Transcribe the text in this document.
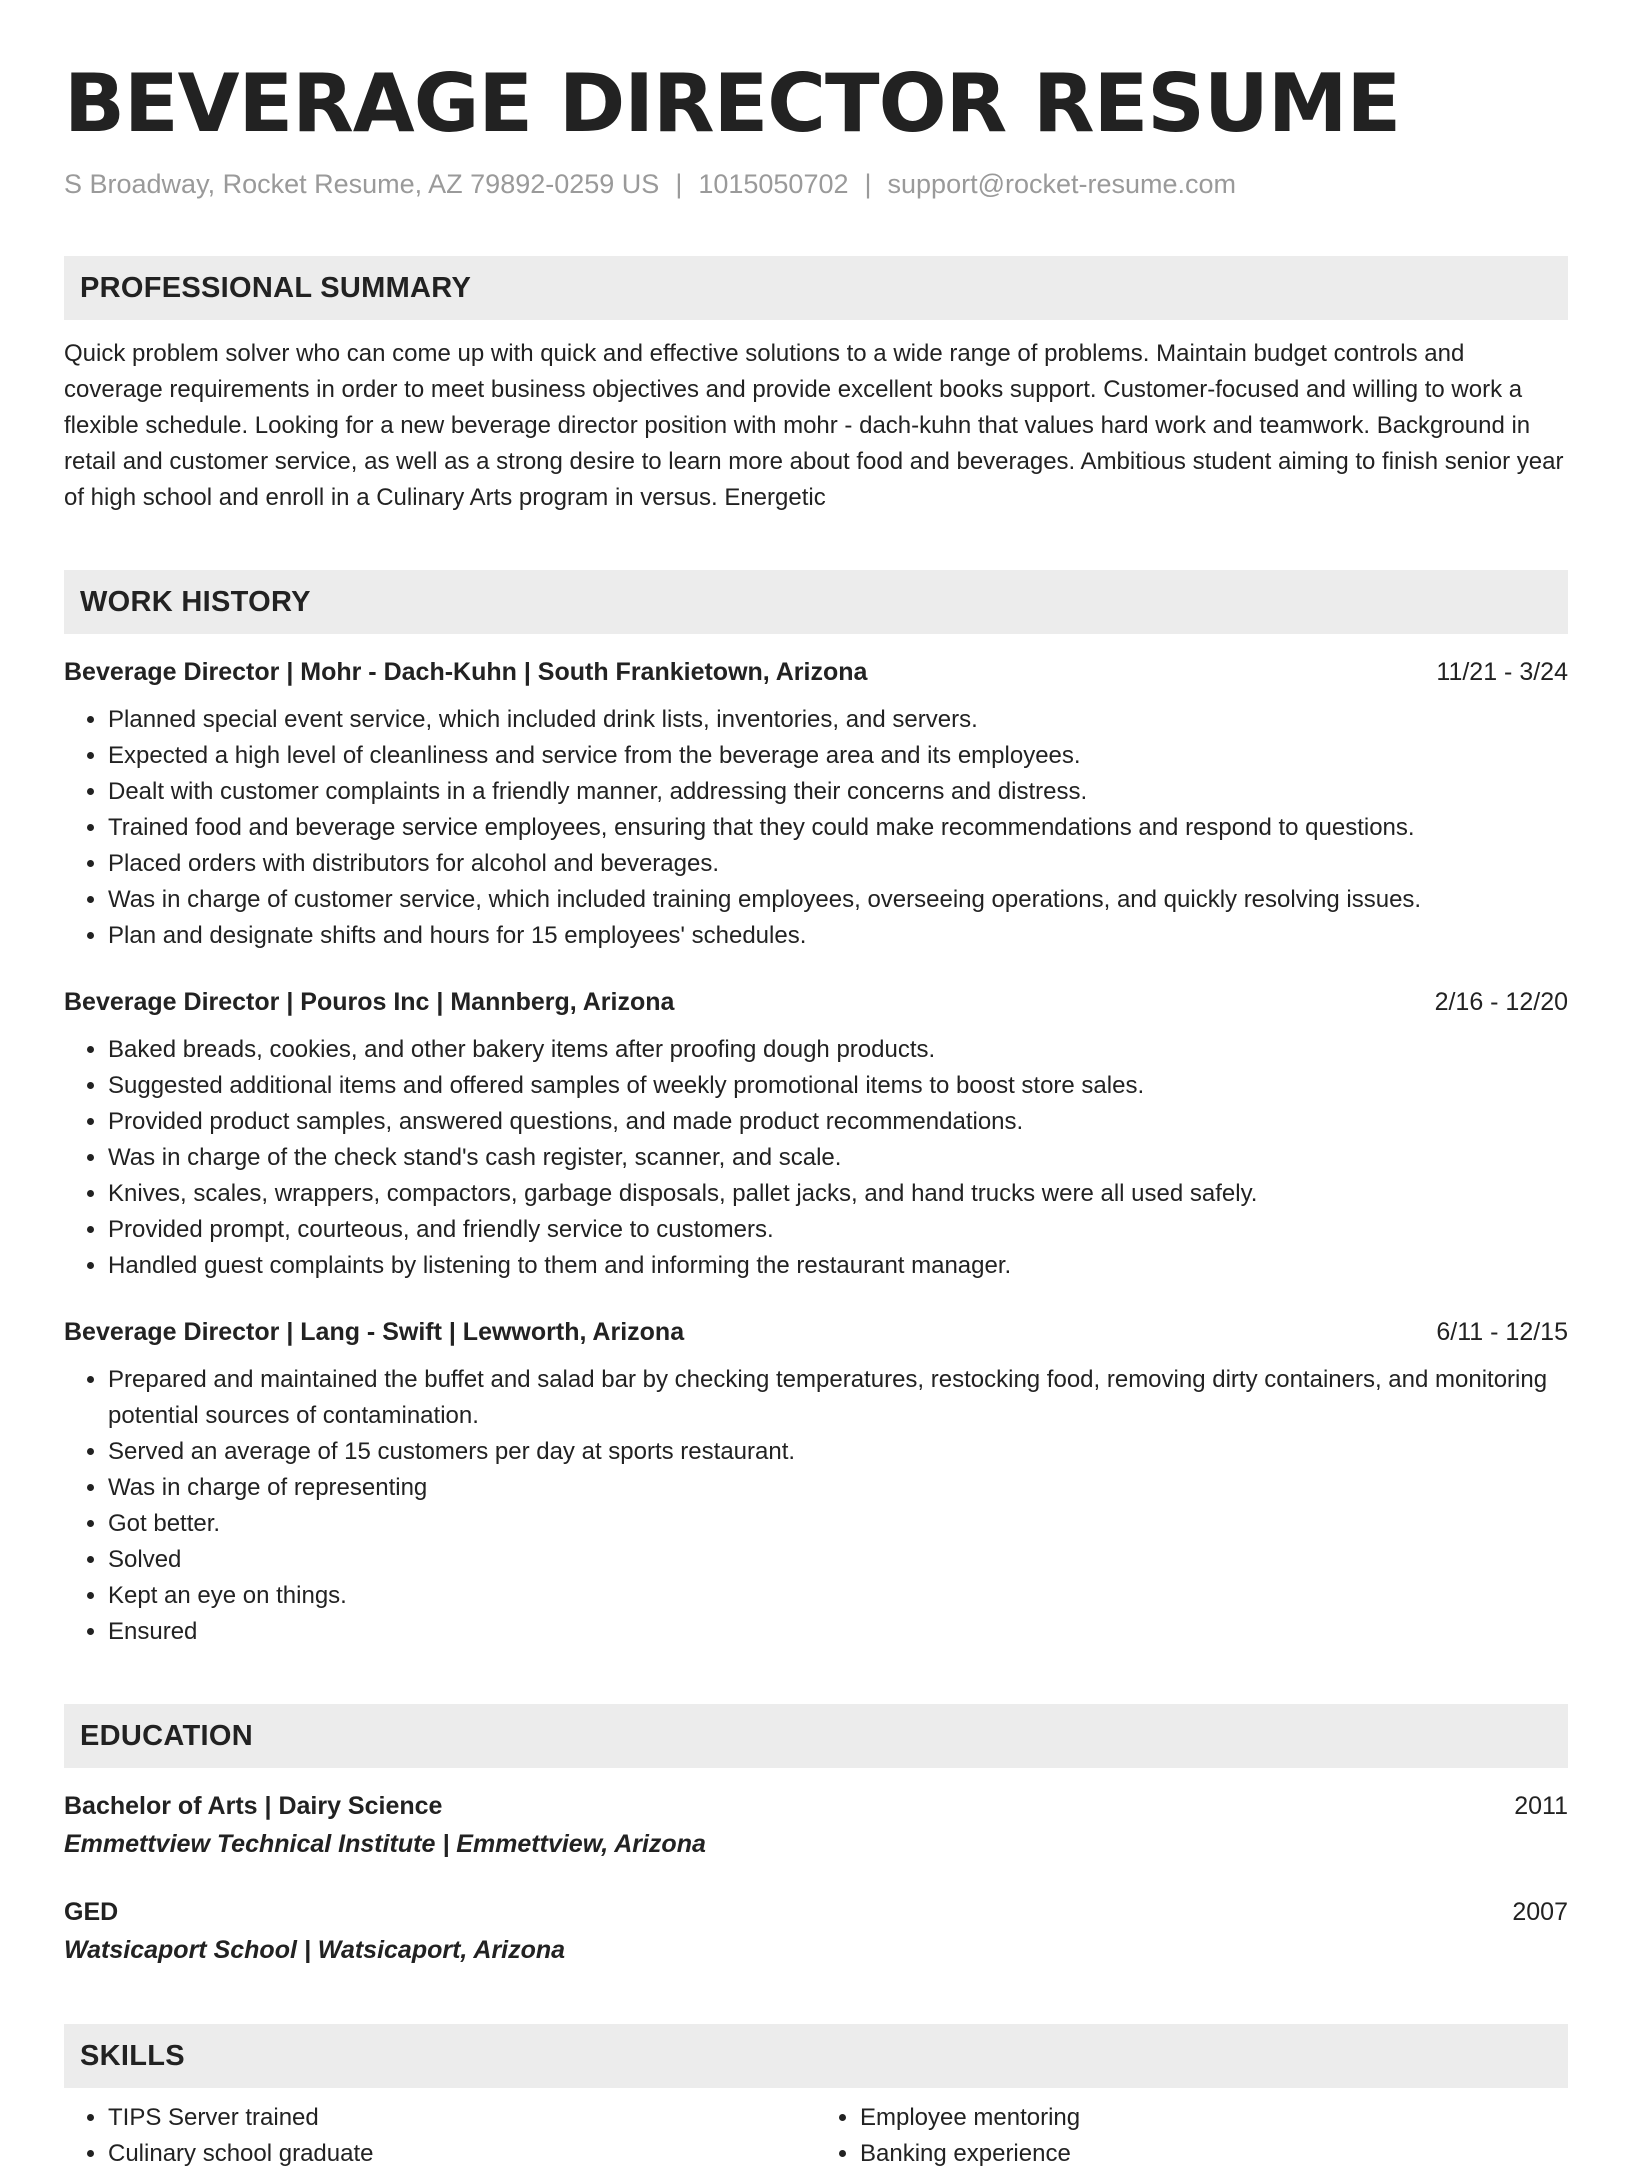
BEVERAGE DIRECTOR RESUME
S Broadway, Rocket Resume, AZ 79892-0259 US | 1015050702 | support@rocket-resume.com
PROFESSIONAL SUMMARY
Quick problem solver who can come up with quick and effective solutions to a wide range of problems. Maintain budget controls and coverage requirements in order to meet business objectives and provide excellent books support. Customer-focused and willing to work a flexible schedule. Looking for a new beverage director position with mohr - dach-kuhn that values hard work and teamwork. Background in retail and customer service, as well as a strong desire to learn more about food and beverages. Ambitious student aiming to finish senior year of high school and enroll in a Culinary Arts program in versus. Energetic
WORK HISTORY
Beverage Director | Mohr - Dach-Kuhn | South Frankietown, Arizona	11/21 - 3/24
• Planned special event service, which included drink lists, inventories, and servers.
• Expected a high level of cleanliness and service from the beverage area and its employees.
• Dealt with customer complaints in a friendly manner, addressing their concerns and distress.
• Trained food and beverage service employees, ensuring that they could make recommendations and respond to questions.
• Placed orders with distributors for alcohol and beverages.
• Was in charge of customer service, which included training employees, overseeing operations, and quickly resolving issues.
• Plan and designate shifts and hours for 15 employees' schedules.
Beverage Director | Pouros Inc | Mannberg, Arizona	2/16 - 12/20
• Baked breads, cookies, and other bakery items after proofing dough products.
• Suggested additional items and offered samples of weekly promotional items to boost store sales.
• Provided product samples, answered questions, and made product recommendations.
• Was in charge of the check stand's cash register, scanner, and scale.
• Knives, scales, wrappers, compactors, garbage disposals, pallet jacks, and hand trucks were all used safely.
• Provided prompt, courteous, and friendly service to customers.
• Handled guest complaints by listening to them and informing the restaurant manager.
Beverage Director | Lang - Swift | Lewworth, Arizona	6/11 - 12/15
• Prepared and maintained the buffet and salad bar by checking temperatures, restocking food, removing dirty containers, and monitoring potential sources of contamination.
• Served an average of 15 customers per day at sports restaurant.
• Was in charge of representing
• Got better.
• Solved
• Kept an eye on things.
• Ensured
EDUCATION
Bachelor of Arts | Dairy Science	2011
Emmettview Technical Institute | Emmettview, Arizona
GED	2007
Watsicaport School | Watsicaport, Arizona
SKILLS
• TIPS Server trained
• Culinary school graduate
• Employee mentoring
• Banking experience
